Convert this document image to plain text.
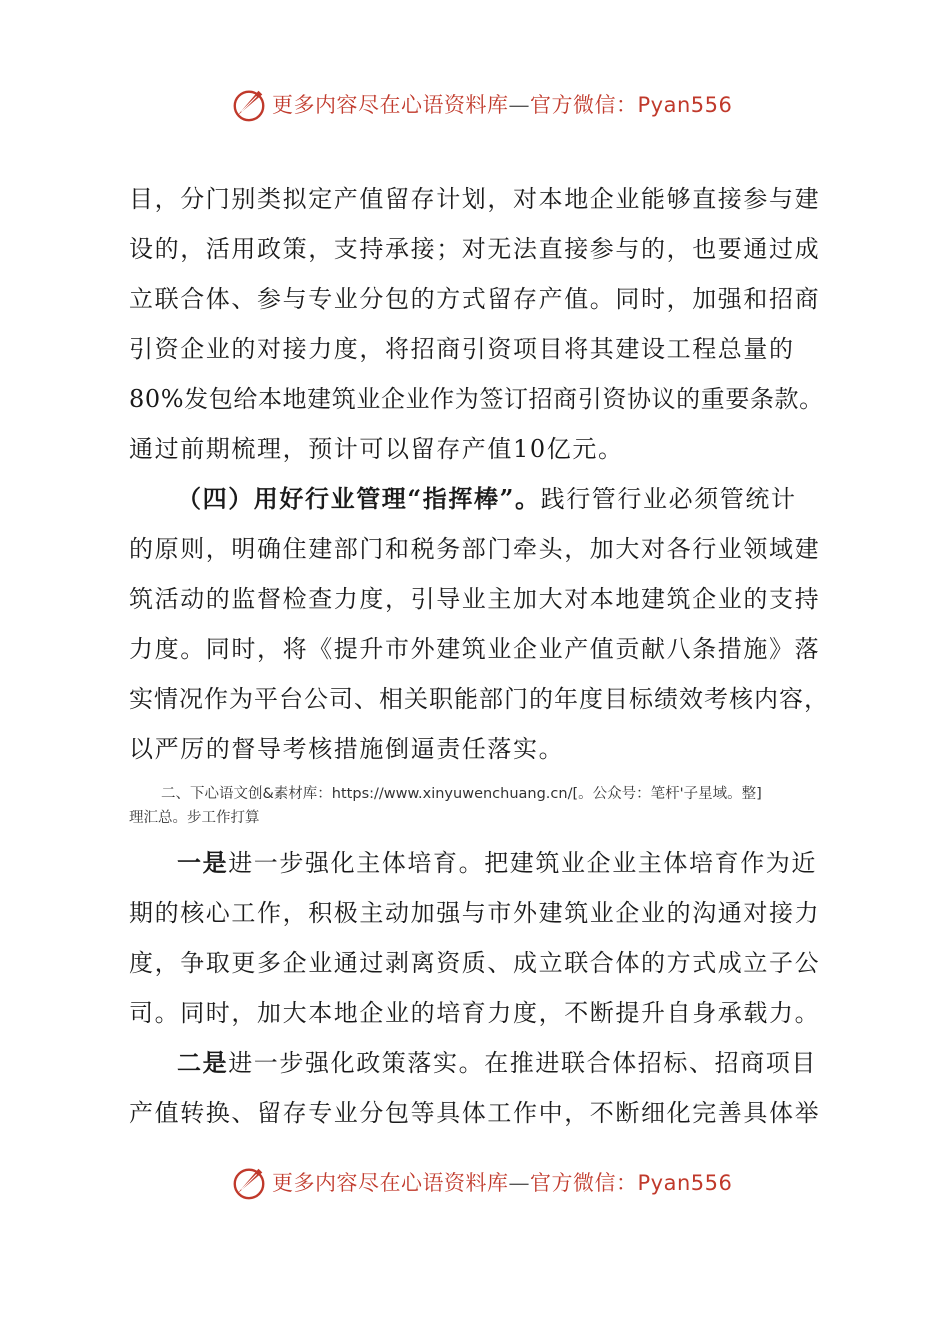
更多内容尽在心语资料库—官方微信：Pyan556
目，分门别类拟定产值留存计划，对本地企业能够直接参与建
设的，活用政策，支持承接；对无法直接参与的，也要通过成
立联合体、参与专业分包的方式留存产值。同时，加强和招商
引资企业的对接力度，将招商引资项目将其建设工程总量的
80%发包给本地建筑业企业作为签订招商引资协议的重要条款。
通过前期梳理，预计可以留存产值10亿元。
（四）用好行业管理“指挥棒”。践行管行业必须管统计
的原则，明确住建部门和税务部门牵头，加大对各行业领域建
筑活动的监督检查力度，引导业主加大对本地建筑企业的支持
力度。同时，将《提升市外建筑业企业产值贡献八条措施》落
实情况作为平台公司、相关职能部门的年度目标绩效考核内容，
以严厉的督导考核措施倒逼责任落实。
二、下心语文创&素材库：https://www.xinyuwenchuang.cn/[。公众号：笔杆'子星域。整]
理汇总。步工作打算
一是进一步强化主体培育。把建筑业企业主体培育作为近
期的核心工作，积极主动加强与市外建筑业企业的沟通对接力
度，争取更多企业通过剥离资质、成立联合体的方式成立子公
司。同时，加大本地企业的培育力度，不断提升自身承载力。
二是进一步强化政策落实。在推进联合体招标、招商项目
产值转换、留存专业分包等具体工作中，不断细化完善具体举
更多内容尽在心语资料库—官方微信：Pyan556
